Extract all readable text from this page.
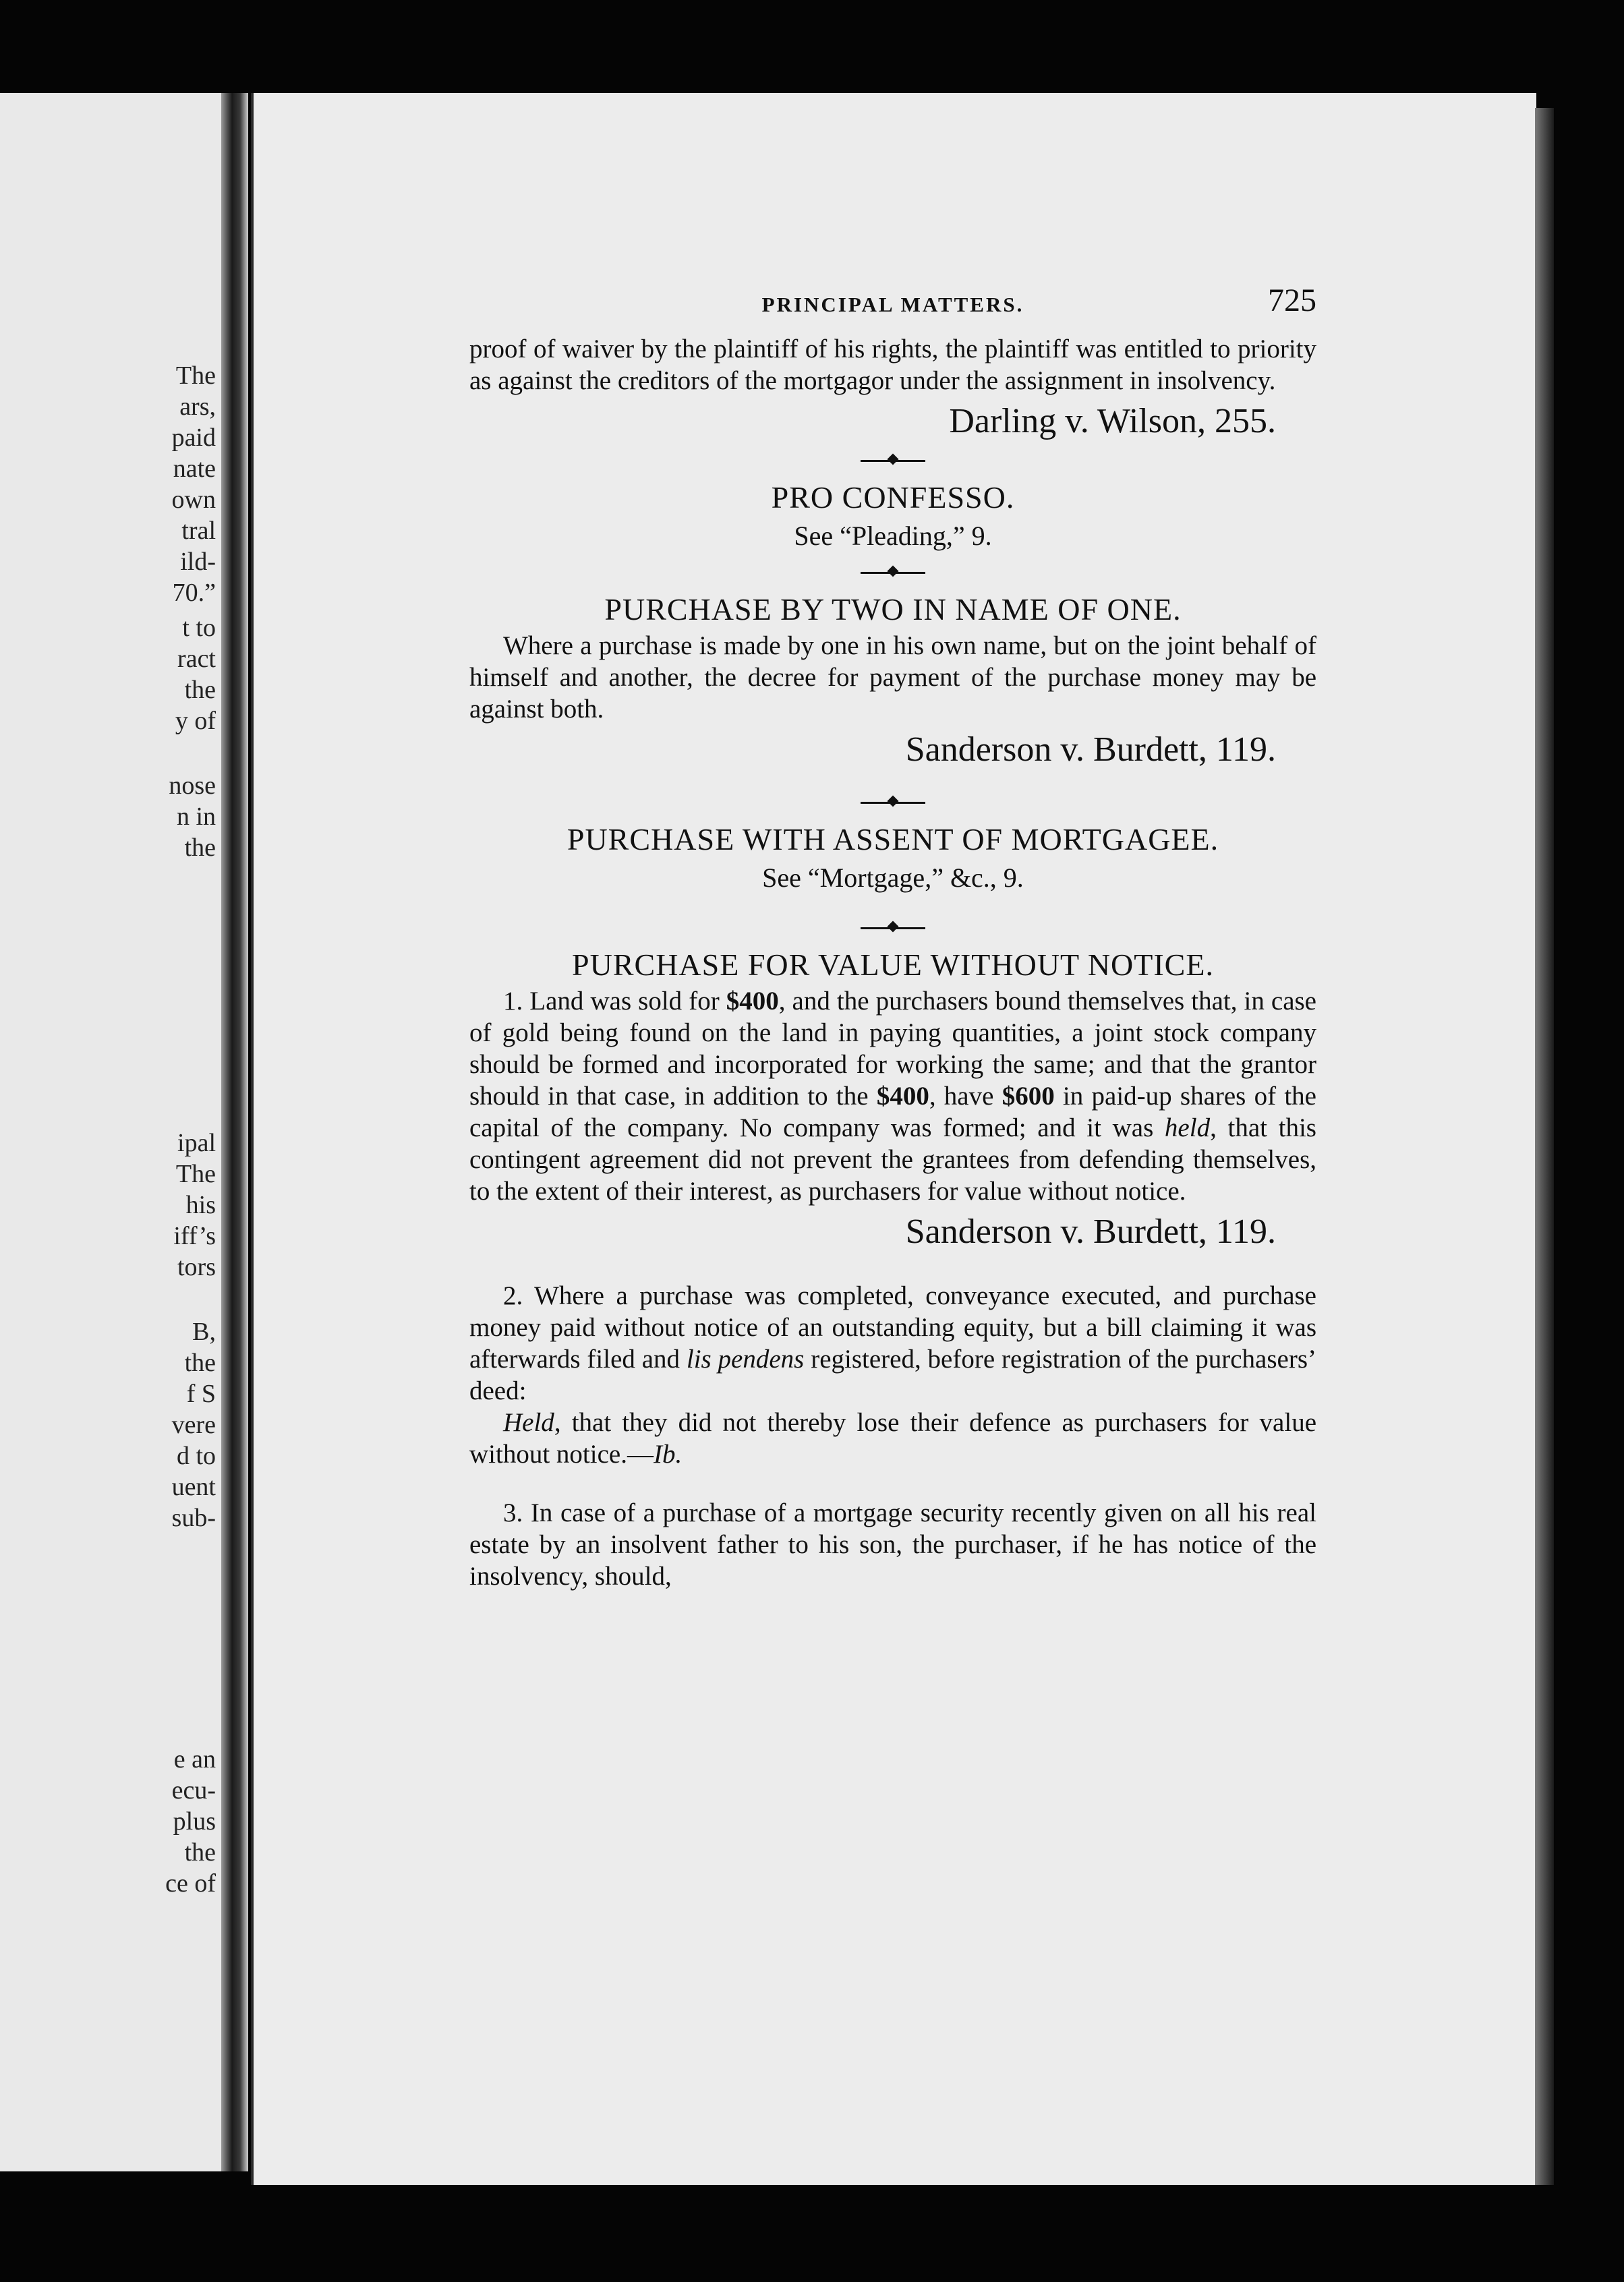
The
ars,
paid
nate
own
tral
ild-
70.”
t to
ract
the
y of
nose
n in
the
ipal
The
his
iff’s
tors
B,
the
f S
vere
d to
uent
sub-
e an
ecu-
plus
the
ce of
PRINCIPAL MATTERS.	725

proof of waiver by the plaintiff of his rights, the plaintiff was entitled to priority as against the creditors of the mortgagor under the assignment in insolvency.

Darling v. Wilson, 255.
PRO CONFESSO.
See “Pleading,” 9.
PURCHASE BY TWO IN NAME OF ONE.

Where a purchase is made by one in his own name, but on the joint behalf of himself and another, the decree for payment of the purchase money may be against both.

Sanderson v. Burdett, 119.
PURCHASE WITH ASSENT OF MORTGAGEE.
See “Mortgage,” &c., 9.
PURCHASE FOR VALUE WITHOUT NOTICE.

1. Land was sold for $400, and the purchasers bound themselves that, in case of gold being found on the land in paying quantities, a joint stock company should be formed and incorporated for working the same; and that the grantor should in that case, in addition to the $400, have $600 in paid-up shares of the capital of the company. No company was formed; and it was held, that this contingent agreement did not prevent the grantees from defending themselves, to the extent of their interest, as purchasers for value without notice.

Sanderson v. Burdett, 119.

2. Where a purchase was completed, conveyance executed, and purchase money paid without notice of an outstanding equity, but a bill claiming it was afterwards filed and lis pendens registered, before registration of the purchasers’ deed:

Held, that they did not thereby lose their defence as purchasers for value without notice.—Ib.

3. In case of a purchase of a mortgage security recently given on all his real estate by an insolvent father to his son, the purchaser, if he has notice of the insolvency, should,
